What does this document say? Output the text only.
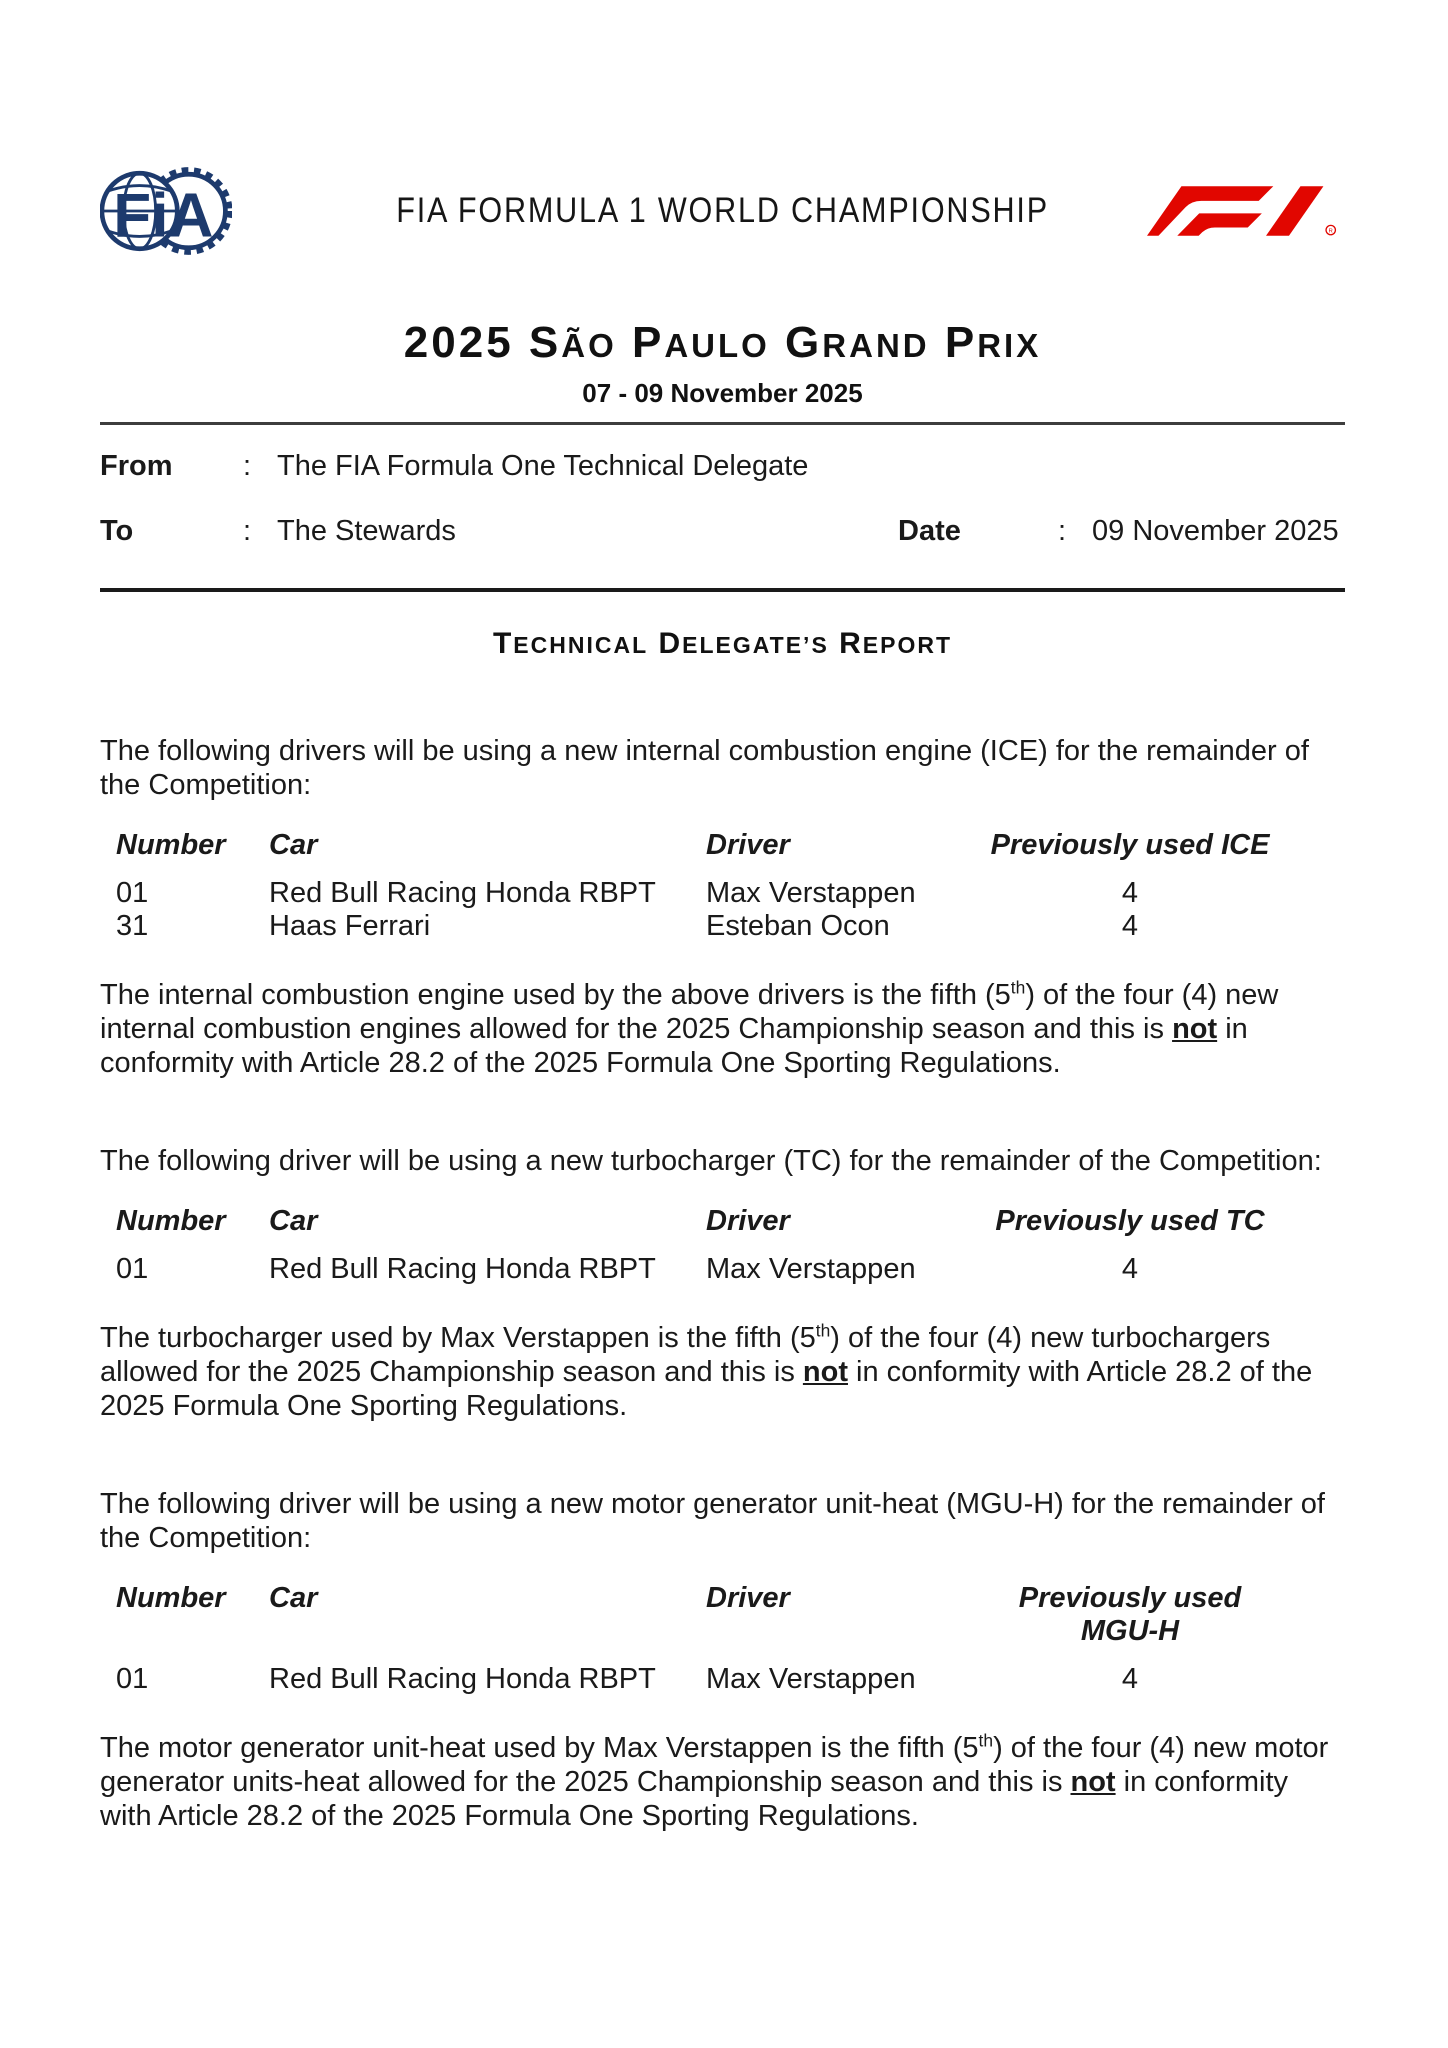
FiA	FIA FORMULA 1 WORLD CHAMPIONSHIP
R
2025 SÃO PAULO GRAND PRIX
07 - 09 November 2025
From	: The FIA Formula One Technical Delegate
To	: The Stewards	Date	: 09 November 2025
TECHNICAL DELEGATE’S REPORT

The following drivers will be using a new internal combustion engine (ICE) for the remainder of the Competition:

Number	Car	Driver	Previously used ICE
01	Red Bull Racing Honda RBPT	Max Verstappen	4
31	Haas Ferrari	Esteban Ocon	4

The internal combustion engine used by the above drivers is the fifth (5th) of the four (4) new internal combustion engines allowed for the 2025 Championship season and this is not in conformity with Article 28.2 of the 2025 Formula One Sporting Regulations.

The following driver will be using a new turbocharger (TC) for the remainder of the Competition:

Number	Car	Driver	Previously used TC
01	Red Bull Racing Honda RBPT	Max Verstappen	4

The turbocharger used by Max Verstappen is the fifth (5th) of the four (4) new turbochargers allowed for the 2025 Championship season and this is not in conformity with Article 28.2 of the 2025 Formula One Sporting Regulations.

The following driver will be using a new motor generator unit-heat (MGU-H) for the remainder of the Competition:

Number	Car	Driver	Previously used MGU-H
01	Red Bull Racing Honda RBPT	Max Verstappen	4

The motor generator unit-heat used by Max Verstappen is the fifth (5th) of the four (4) new motor generator units-heat allowed for the 2025 Championship season and this is not in conformity with Article 28.2 of the 2025 Formula One Sporting Regulations.
